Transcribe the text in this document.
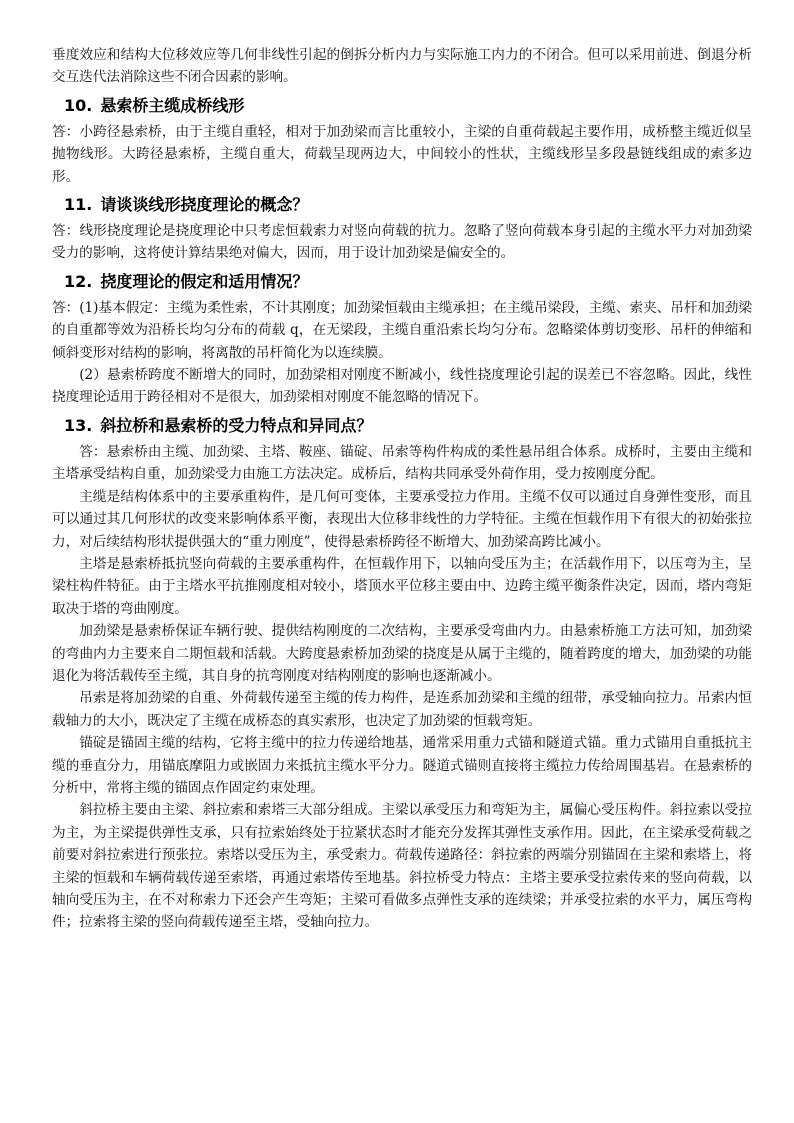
垂度效应和结构大位移效应等几何非线性引起的倒拆分析内力与实际施工内力的不闭合。但可以采用前进、倒退分析交互迭代法消除这些不闭合因素的影响。

10. 悬索桥主缆成桥线形

答：小跨径悬索桥，由于主缆自重轻，相对于加劲梁而言比重较小，主梁的自重荷载起主要作用，成桥整主缆近似呈抛物线形。大跨径悬索桥，主缆自重大，荷载呈现两边大，中间较小的性状，主缆线形呈多段悬链线组成的索多边形。

11. 请谈谈线形挠度理论的概念？

答：线形挠度理论是挠度理论中只考虑恒载索力对竖向荷载的抗力。忽略了竖向荷载本身引起的主缆水平力对加劲梁受力的影响，这将使计算结果绝对偏大，因而，用于设计加劲梁是偏安全的。

12. 挠度理论的假定和适用情况？

答：(1)基本假定：主缆为柔性索，不计其刚度；加劲梁恒载由主缆承担；在主缆吊梁段，主缆、索夹、吊杆和加劲梁的自重都等效为沿桥长均匀分布的荷载 q，在无梁段，主缆自重沿索长均匀分布。忽略梁体剪切变形、吊杆的伸缩和倾斜变形对结构的影响，将离散的吊杆简化为以连续膜。

(2）悬索桥跨度不断增大的同时，加劲梁相对刚度不断减小，线性挠度理论引起的误差已不容忽略。因此，线性挠度理论适用于跨径相对不是很大，加劲梁相对刚度不能忽略的情况下。

13. 斜拉桥和悬索桥的受力特点和异同点？

答：悬索桥由主缆、加劲梁、主塔、鞍座、锚碇、吊索等构件构成的柔性悬吊组合体系。成桥时，主要由主缆和主塔承受结构自重，加劲梁受力由施工方法决定。成桥后，结构共同承受外荷作用，受力按刚度分配。

主缆是结构体系中的主要承重构件，是几何可变体，主要承受拉力作用。主缆不仅可以通过自身弹性变形，而且可以通过其几何形状的改变来影响体系平衡，表现出大位移非线性的力学特征。主缆在恒载作用下有很大的初始张拉力，对后续结构形状提供强大的“重力刚度”，使得悬索桥跨径不断增大、加劲梁高跨比减小。

主塔是悬索桥抵抗竖向荷载的主要承重构件，在恒载作用下，以轴向受压为主；在活载作用下，以压弯为主，呈梁柱构件特征。由于主塔水平抗推刚度相对较小，塔顶水平位移主要由中、边跨主缆平衡条件决定，因而，塔内弯矩取决于塔的弯曲刚度。

加劲梁是悬索桥保证车辆行驶、提供结构刚度的二次结构，主要承受弯曲内力。由悬索桥施工方法可知，加劲梁的弯曲内力主要来自二期恒载和活载。大跨度悬索桥加劲梁的挠度是从属于主缆的，随着跨度的增大，加劲梁的功能退化为将活载传至主缆，其自身的抗弯刚度对结构刚度的影响也逐渐减小。

吊索是将加劲梁的自重、外荷载传递至主缆的传力构件，是连系加劲梁和主缆的纽带，承受轴向拉力。吊索内恒载轴力的大小，既决定了主缆在成桥态的真实索形，也决定了加劲梁的恒载弯矩。

锚碇是锚固主缆的结构，它将主缆中的拉力传递给地基，通常采用重力式锚和隧道式锚。重力式锚用自重抵抗主缆的垂直分力，用锚底摩阻力或嵌固力来抵抗主缆水平分力。隧道式锚则直接将主缆拉力传给周围基岩。在悬索桥的分析中，常将主缆的锚固点作固定约束处理。

斜拉桥主要由主梁、斜拉索和索塔三大部分组成。主梁以承受压力和弯矩为主，属偏心受压构件。斜拉索以受拉为主，为主梁提供弹性支承，只有拉索始终处于拉紧状态时才能充分发挥其弹性支承作用。因此，在主梁承受荷载之前要对斜拉索进行预张拉。索塔以受压为主，承受索力。荷载传递路径：斜拉索的两端分别锚固在主梁和索塔上，将主梁的恒载和车辆荷载传递至索塔，再通过索塔传至地基。斜拉桥受力特点：主塔主要承受拉索传来的竖向荷载，以轴向受压为主，在不对称索力下还会产生弯矩；主梁可看做多点弹性支承的连续梁；并承受拉索的水平力，属压弯构件；拉索将主梁的竖向荷载传递至主塔，受轴向拉力。
